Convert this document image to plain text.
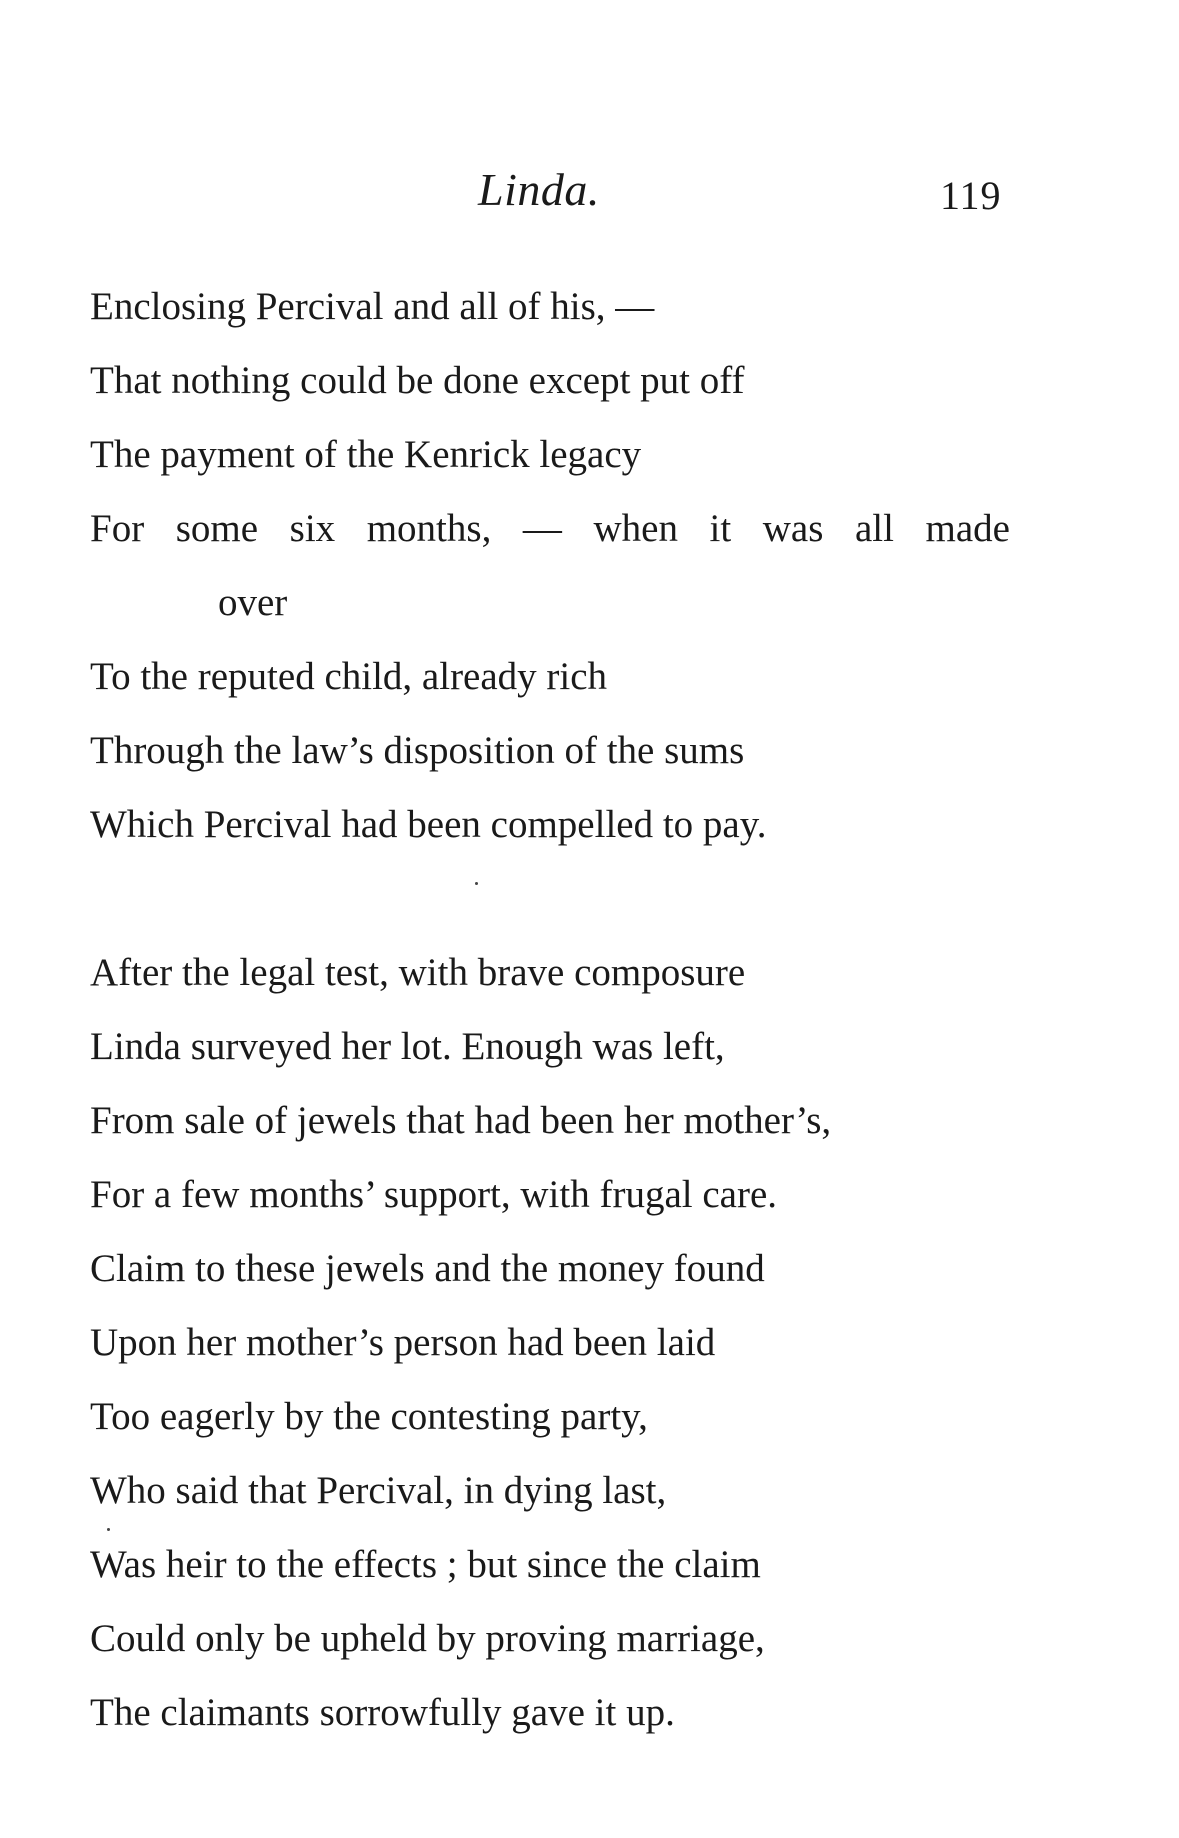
Linda.	119
Enclosing Percival and all of his, —
That nothing could be done except put off
The payment of the Kenrick legacy
For some six months, — when it was all made
over
To the reputed child, already rich
Through the law’s disposition of the sums
Which Percival had been compelled to pay.
After the legal test, with brave composure
Linda surveyed her lot. Enough was left,
From sale of jewels that had been her mother’s,
For a few months’ support, with frugal care.
Claim to these jewels and the money found
Upon her mother’s person had been laid
Too eagerly by the contesting party,
Who said that Percival, in dying last,
Was heir to the effects ; but since the claim
Could only be upheld by proving marriage,
The claimants sorrowfully gave it up.
